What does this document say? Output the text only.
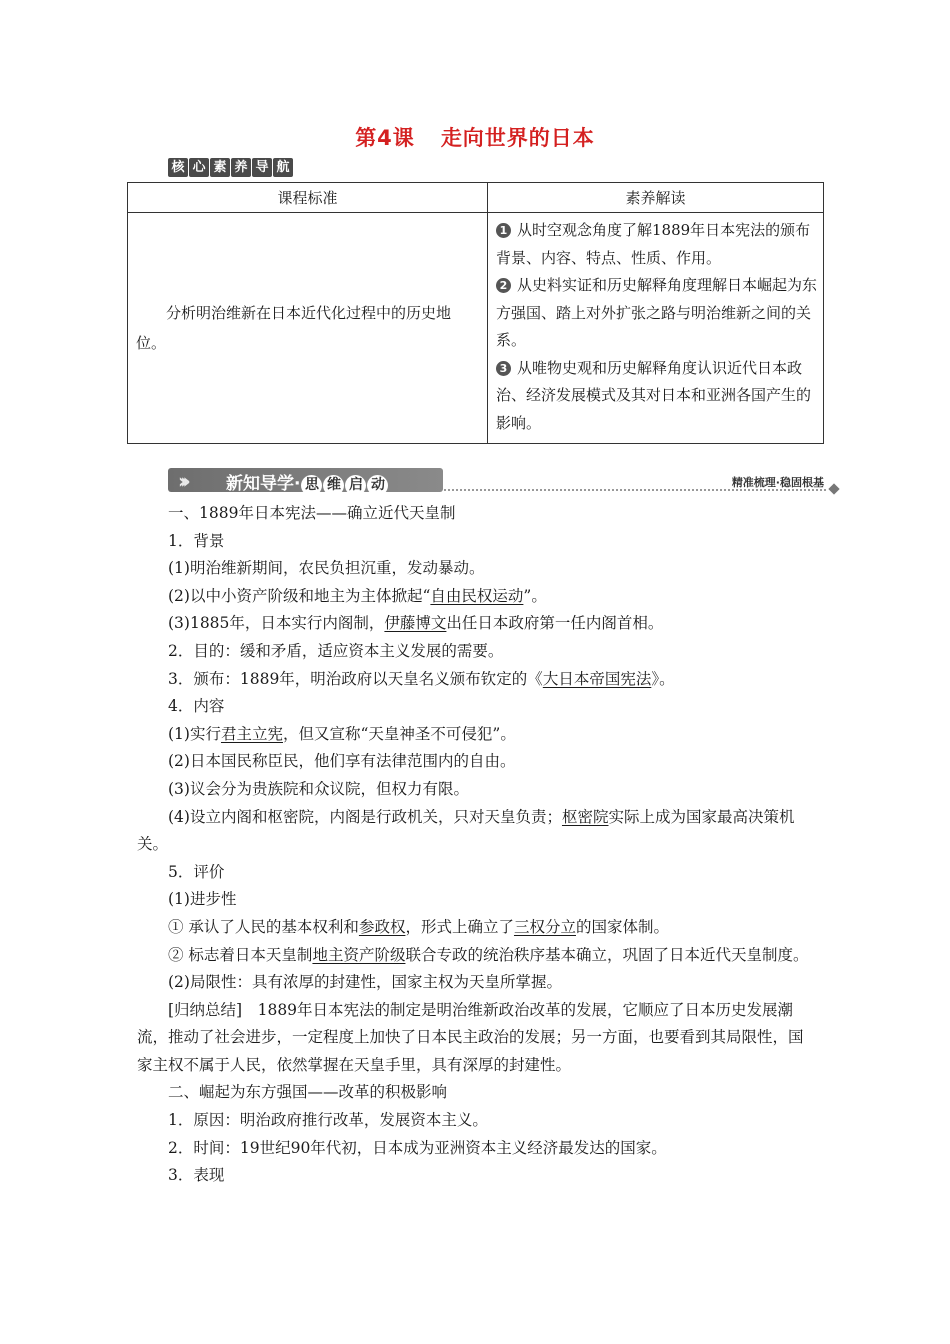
第4课 走向世界的日本
核 心 素 养 导 航
课程标准	素养解读

分析明治维新在日本近代化过程中的历史地位。	1 从时空观念角度了解1889年日本宪法的颁布背景、内容、特点、性质、作用。

2 从史料实证和历史解释角度理解日本崛起为东方强国、踏上对外扩张之路与明治维新之间的关系。

3 从唯物史观和历史解释角度认识近代日本政治、经济发展模式及其对日本和亚洲各国产生的影响。

››› 新知导学· 思 维 启 动	精准梳理·稳固根基

一、1889年日本宪法——确立近代天皇制

1．背景

(1)明治维新期间，农民负担沉重，发动暴动。

(2)以中小资产阶级和地主为主体掀起“自由民权运动”。

(3)1885年，日本实行内阁制，伊藤博文出任日本政府第一任内阁首相。

2．目的：缓和矛盾，适应资本主义发展的需要。

3．颁布：1889年，明治政府以天皇名义颁布钦定的《大日本帝国宪法》。

4．内容

(1)实行君主立宪，但又宣称“天皇神圣不可侵犯”。

(2)日本国民称臣民，他们享有法律范围内的自由。

(3)议会分为贵族院和众议院，但权力有限。

(4)设立内阁和枢密院，内阁是行政机关，只对天皇负责；枢密院实际上成为国家最高决策机关。

5．评价

(1)进步性

① 承认了人民的基本权利和参政权，形式上确立了三权分立的国家体制。

② 标志着日本天皇制地主资产阶级联合专政的统治秩序基本确立，巩固了日本近代天皇制度。

(2)局限性：具有浓厚的封建性，国家主权为天皇所掌握。

[归纳总结]　1889年日本宪法的制定是明治维新政治改革的发展，它顺应了日本历史发展潮流，推动了社会进步，一定程度上加快了日本民主政治的发展；另一方面，也要看到其局限性，国家主权不属于人民，依然掌握在天皇手里，具有深厚的封建性。

二、崛起为东方强国——改革的积极影响

1．原因：明治政府推行改革，发展资本主义。

2．时间：19世纪90年代初，日本成为亚洲资本主义经济最发达的国家。

3．表现
